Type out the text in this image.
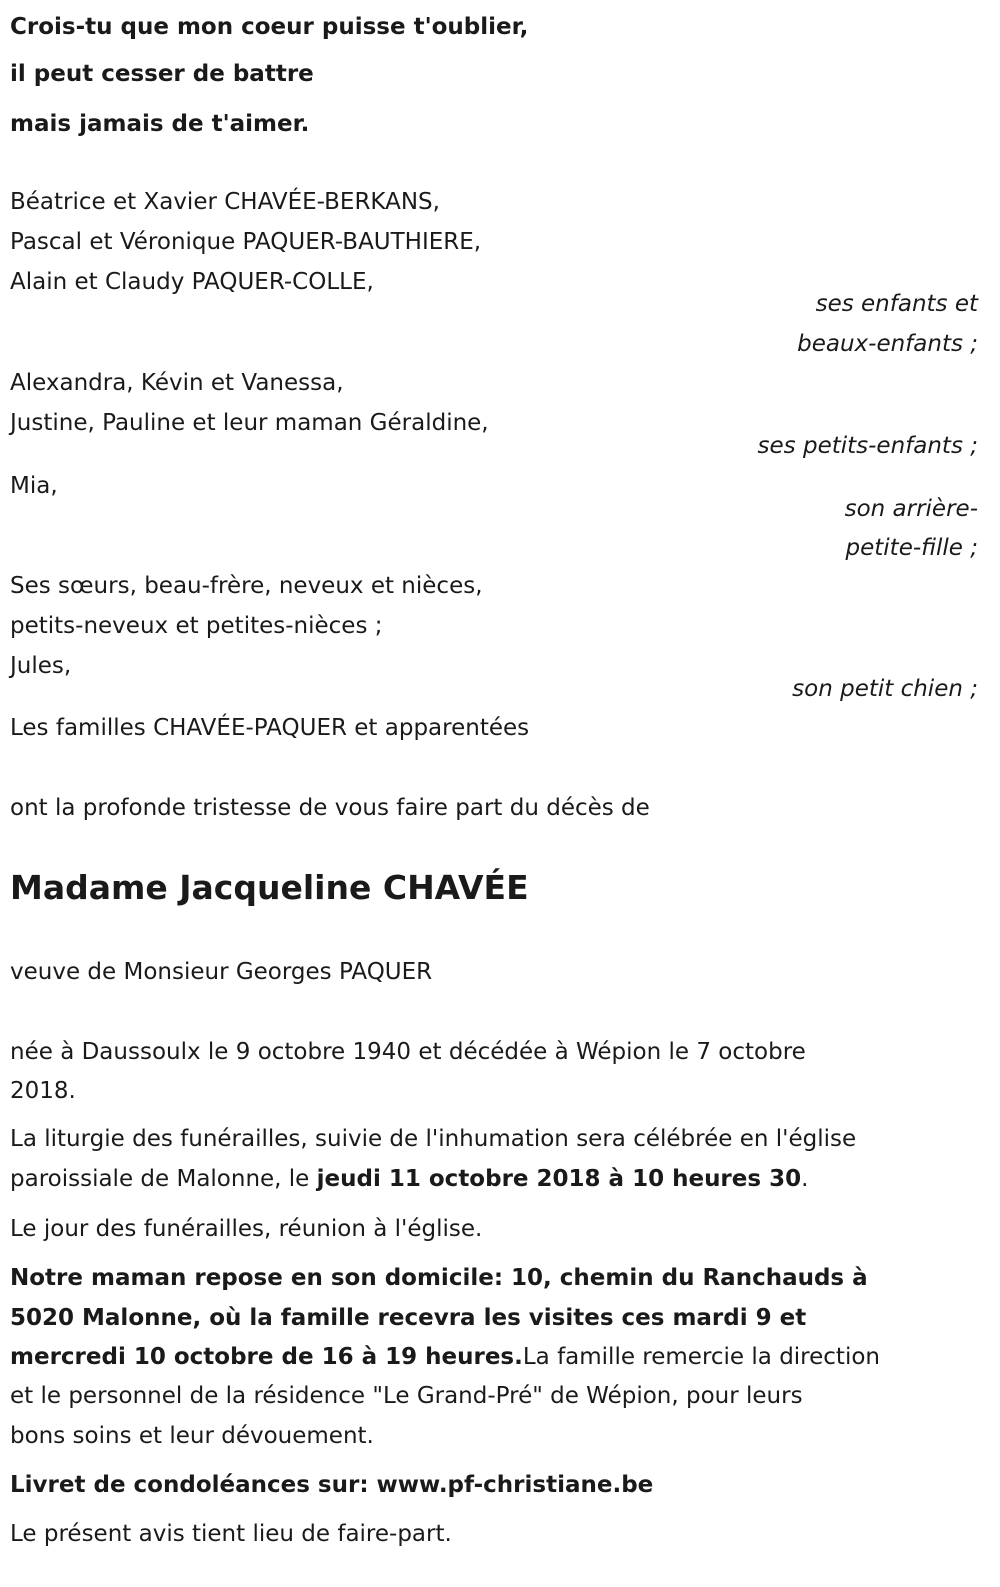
Crois-tu que mon coeur puisse t'oublier,
il peut cesser de battre
mais jamais de t'aimer.
Béatrice et Xavier CHAVÉE-BERKANS,
Pascal et Véronique PAQUER-BAUTHIERE,
Alain et Claudy PAQUER-COLLE,
ses enfants et
beaux-enfants ;
Alexandra, Kévin et Vanessa,
Justine, Pauline et leur maman Géraldine,
ses petits-enfants ;
Mia,
son arrière-
petite-fille ;
Ses sœurs, beau-frère, neveux et nièces,
petits-neveux et petites-nièces ;
Jules,
son petit chien ;
Les familles CHAVÉE-PAQUER et apparentées
ont la profonde tristesse de vous faire part du décès de
Madame Jacqueline CHAVÉE
veuve de Monsieur Georges PAQUER
née à Daussoulx le 9 octobre 1940 et décédée à Wépion le 7 octobre
2018.
La liturgie des funérailles, suivie de l'inhumation sera célébrée en l'église
paroissiale de Malonne, le jeudi 11 octobre 2018 à 10 heures 30.
Le jour des funérailles, réunion à l'église.
Notre maman repose en son domicile: 10, chemin du Ranchauds à
5020 Malonne, où la famille recevra les visites ces mardi 9 et
mercredi 10 octobre de 16 à 19 heures.La famille remercie la direction
et le personnel de la résidence "Le Grand-Pré" de Wépion, pour leurs
bons soins et leur dévouement.
Livret de condoléances sur: www.pf-christiane.be
Le présent avis tient lieu de faire-part.
